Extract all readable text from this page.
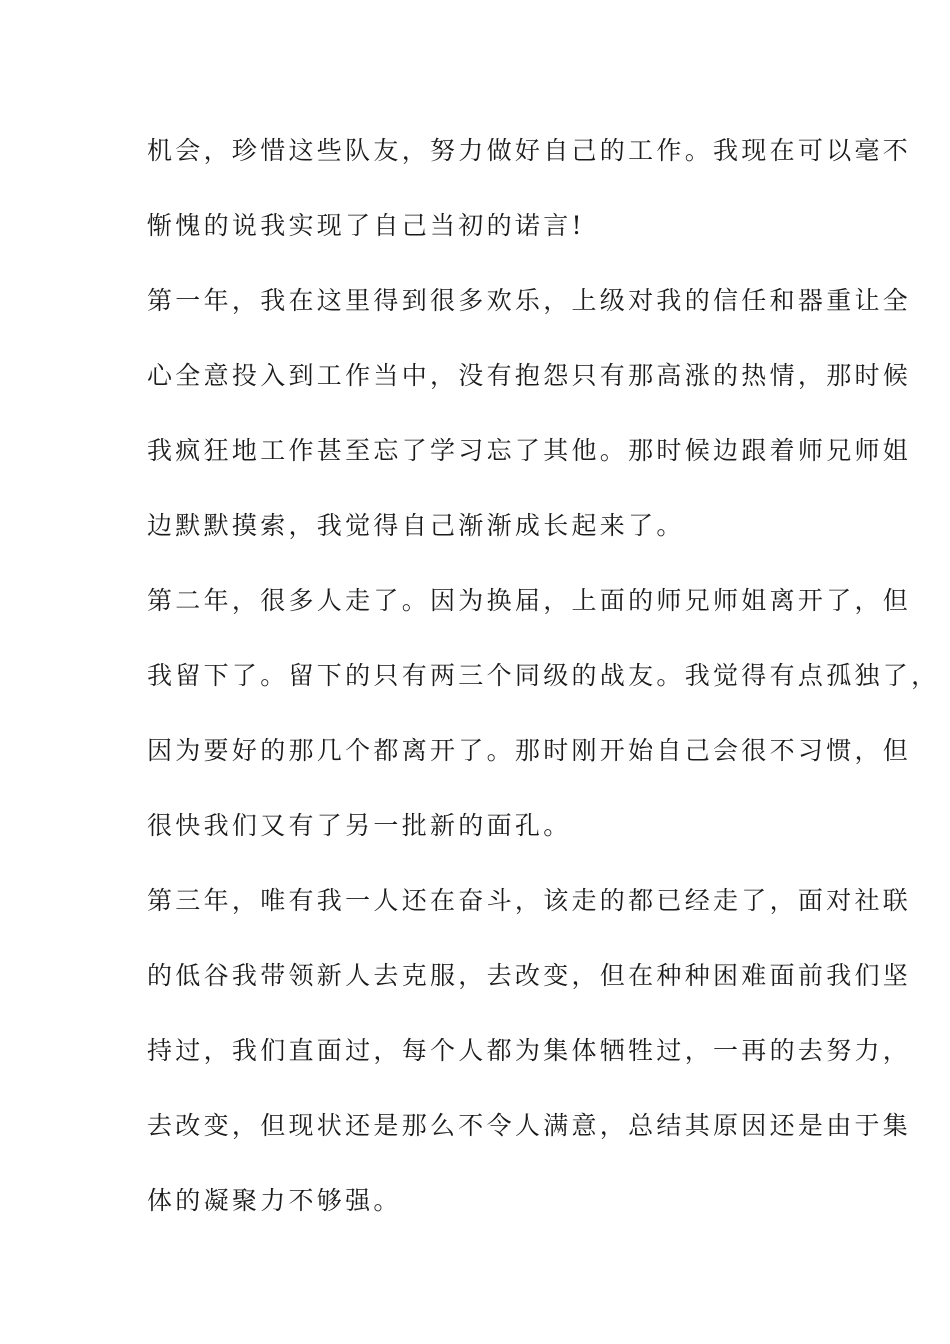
机会，珍惜这些队友，努力做好自己的工作。我现在可以毫不
惭愧的说我实现了自己当初的诺言!
第一年，我在这里得到很多欢乐，上级对我的信任和器重让全
心全意投入到工作当中，没有抱怨只有那高涨的热情，那时候
我疯狂地工作甚至忘了学习忘了其他。那时候边跟着师兄师姐
边默默摸索，我觉得自己渐渐成长起来了。
第二年，很多人走了。因为换届，上面的师兄师姐离开了，但
我留下了。留下的只有两三个同级的战友。我觉得有点孤独了，
因为要好的那几个都离开了。那时刚开始自己会很不习惯，但
很快我们又有了另一批新的面孔。
第三年，唯有我一人还在奋斗，该走的都已经走了，面对社联
的低谷我带领新人去克服，去改变，但在种种困难面前我们坚
持过，我们直面过，每个人都为集体牺牲过，一再的去努力，
去改变，但现状还是那么不令人满意，总结其原因还是由于集
体的凝聚力不够强。
